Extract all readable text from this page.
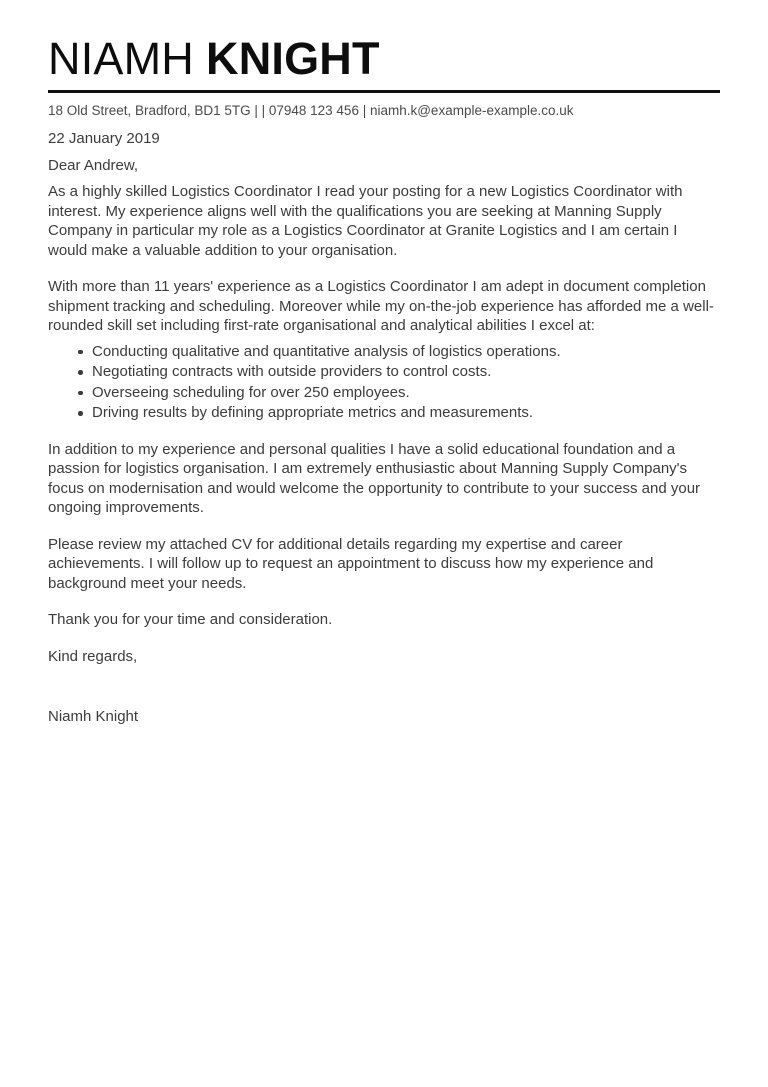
NIAMH KNIGHT
18 Old Street, Bradford, BD1 5TG | | 07948 123 456 | niamh.k@example-example.co.uk

22 January 2019

Dear Andrew,

As a highly skilled Logistics Coordinator I read your posting for a new Logistics Coordinator with interest. My experience aligns well with the qualifications you are seeking at Manning Supply Company in particular my role as a Logistics Coordinator at Granite Logistics and I am certain I would make a valuable addition to your organisation.

With more than 11 years' experience as a Logistics Coordinator I am adept in document completion shipment tracking and scheduling. Moreover while my on-the-job experience has afforded me a well-rounded skill set including first-rate organisational and analytical abilities I excel at:

Conducting qualitative and quantitative analysis of logistics operations.
Negotiating contracts with outside providers to control costs.
Overseeing scheduling for over 250 employees.
Driving results by defining appropriate metrics and measurements.

In addition to my experience and personal qualities I have a solid educational foundation and a passion for logistics organisation. I am extremely enthusiastic about Manning Supply Company's focus on modernisation and would welcome the opportunity to contribute to your success and your ongoing improvements.

Please review my attached CV for additional details regarding my expertise and career achievements. I will follow up to request an appointment to discuss how my experience and background meet your needs.

Thank you for your time and consideration.

Kind regards,

Niamh Knight
